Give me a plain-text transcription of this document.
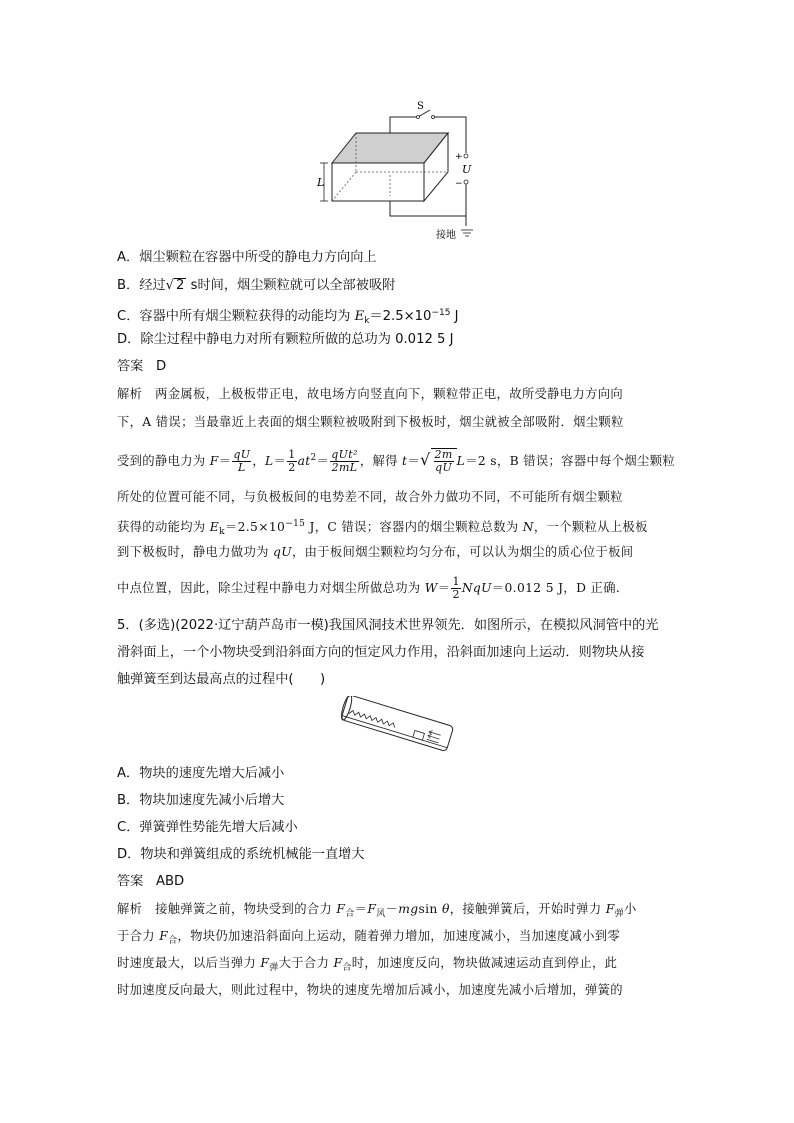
S
+
U
−
接地
L
A．烟尘颗粒在容器中所受的静电力方向向上
B．经过√ 2 s时间，烟尘颗粒就可以全部被吸附
C．容器中所有烟尘颗粒获得的动能均为 $E_k=2.5\times 10^{-15}$ J
D．除尘过程中静电力对所有颗粒所做的总功为 0.012 5 J
答案 D
解析 两金属板，上极板带正电，故电场方向竖直向下，颗粒带正电，故所受静电力方向向
下，A 错误；当最靠近上表面的烟尘颗粒被吸附到下极板时，烟尘就被全部吸附．烟尘颗粒
受到的静电力为 $F= \frac{qU}{L}$ ，$L= \frac{1}{2} at^2= \frac{\text{qUt²}}{2mL}$ ，解得 $t=√ \frac{2m}{qU} L=2$ s，B 错误；容器中每个烟尘颗粒
所处的位置可能不同，与负极板间的电势差不同，故合外力做功不同，不可能所有烟尘颗粒
获得的动能均为 $E_k=2.5\times 10^{-15}$ J，C 错误；容器内的烟尘颗粒总数为 N，一个颗粒从上极板
到下极板时，静电力做功为 qU，由于板间烟尘颗粒均匀分布，可以认为烟尘的质心位于板间
中点位置，因此，除尘过程中静电力对烟尘所做总功为 $W= \frac{1}{2} NqU=0.012$ 5 J，D 正确．
5．(多选)(2022·辽宁葫芦岛市一模)我国风洞技术世界领先．如图所示，在模拟风洞管中的光
滑斜面上，一个小物块受到沿斜面方向的恒定风力作用，沿斜面加速向上运动．则物块从接
触弹簧至到达最高点的过程中(　　)
A．物块的速度先增大后减小
B．物块加速度先减小后增大
C．弹簧弹性势能先增大后减小
D．物块和弹簧组成的系统机械能一直增大
答案 ABD
解析 接触弹簧之前，物块受到的合力 $F_合=F_风-mgsin$ θ，接触弹簧后，开始时弹力 $F_弹$小
于合力 $F_合$，物块仍加速沿斜面向上运动，随着弹力增加，加速度减小，当加速度减小到零
时速度最大，以后当弹力 $F_弹$大于合力 $F_合$时，加速度反向，物块做减速运动直到停止，此
时加速度反向最大，则此过程中，物块的速度先增加后减小，加速度先减小后增加，弹簧的
